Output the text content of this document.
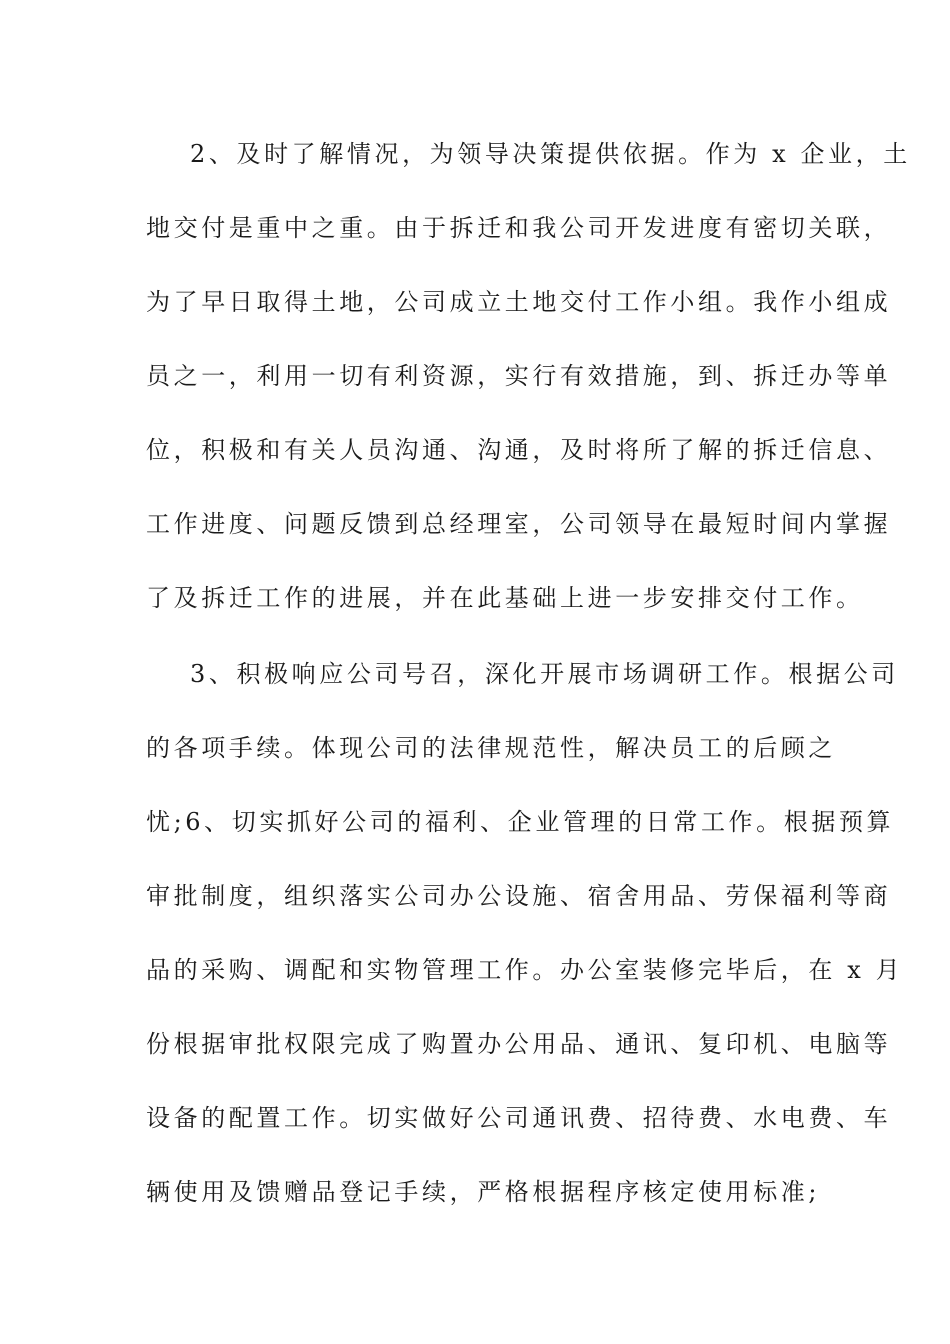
2、及时了解情况，为领导决策提供依据。作为 x 企业，土
地交付是重中之重。由于拆迁和我公司开发进度有密切关联，
为了早日取得土地，公司成立土地交付工作小组。我作小组成
员之一，利用一切有利资源，实行有效措施，到、拆迁办等单
位，积极和有关人员沟通、沟通，及时将所了解的拆迁信息、
工作进度、问题反馈到总经理室，公司领导在最短时间内掌握
了及拆迁工作的进展，并在此基础上进一步安排交付工作。
3、积极响应公司号召，深化开展市场调研工作。根据公司
的各项手续。体现公司的法律规范性，解决员工的后顾之
忧;6、切实抓好公司的福利、企业管理的日常工作。根据预算
审批制度，组织落实公司办公设施、宿舍用品、劳保福利等商
品的采购、调配和实物管理工作。办公室装修完毕后，在 x 月
份根据审批权限完成了购置办公用品、通讯、复印机、电脑等
设备的配置工作。切实做好公司通讯费、招待费、水电费、车
辆使用及馈赠品登记手续，严格根据程序核定使用标准;
